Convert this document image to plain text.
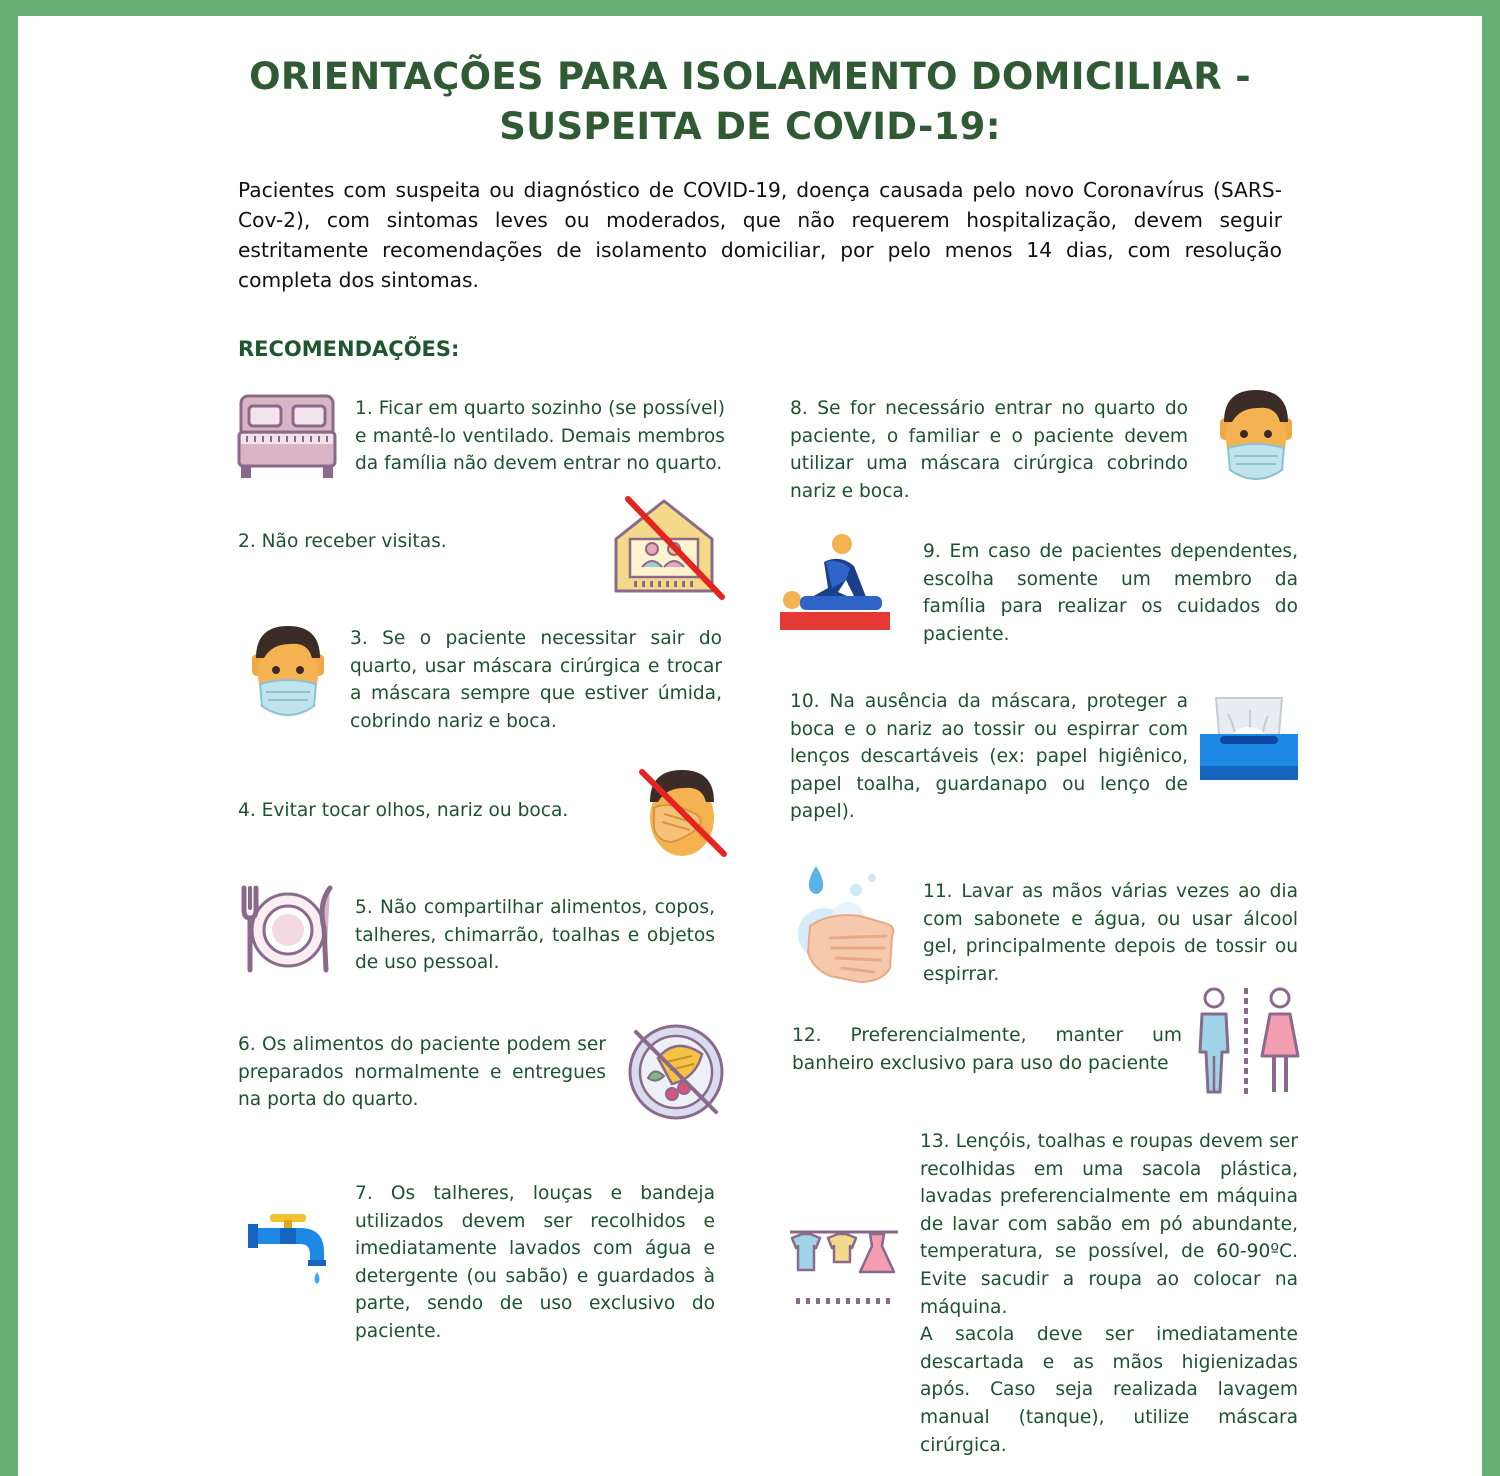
ORIENTAÇÕES PARA ISOLAMENTO DOMICILIAR -
SUSPEITA DE COVID-19:
Pacientes com suspeita ou diagnóstico de COVID-19, doença causada pelo novo Coronavírus (SARS-Cov-2), com sintomas leves ou moderados, que não requerem hospitalização, devem seguir estritamente recomendações de isolamento domiciliar, por pelo menos 14 dias, com resolução completa dos sintomas.
RECOMENDAÇÕES:
1. Ficar em quarto sozinho (se possível) e mantê-lo ventilado. Demais membros da família não devem entrar no quarto.
2. Não receber visitas.
3. Se o paciente necessitar sair do quarto, usar máscara cirúrgica e trocar a máscara sempre que estiver úmida, cobrindo nariz e boca.
4. Evitar tocar olhos, nariz ou boca.
5. Não compartilhar alimentos, copos, talheres, chimarrão, toalhas e objetos de uso pessoal.
6. Os alimentos do paciente podem ser preparados normalmente e entregues na porta do quarto.
7. Os talheres, louças e bandeja utilizados devem ser recolhidos e imediatamente lavados com água e detergente (ou sabão) e guardados à parte, sendo de uso exclusivo do paciente.
8. Se for necessário entrar no quarto do paciente, o familiar e o paciente devem utilizar uma máscara cirúrgica cobrindo nariz e boca.
9. Em caso de pacientes dependentes, escolha somente um membro da família para realizar os cuidados do paciente.
10. Na ausência da máscara, proteger a boca e o nariz ao tossir ou espirrar com lenços descartáveis (ex: papel higiênico, papel toalha, guardanapo ou lenço de papel).
11. Lavar as mãos várias vezes ao dia com sabonete e água, ou usar álcool gel, principalmente depois de tossir ou espirrar.
12. Preferencialmente, manter um banheiro exclusivo para uso do paciente
13. Lençóis, toalhas e roupas devem ser recolhidas em uma sacola plástica, lavadas preferencialmente em máquina de lavar com sabão em pó abundante, temperatura, se possível, de 60-90ºC. Evite sacudir a roupa ao colocar na máquina.
A sacola deve ser imediatamente descartada e as mãos higienizadas após. Caso seja realizada lavagem manual (tanque), utilize máscara cirúrgica.
